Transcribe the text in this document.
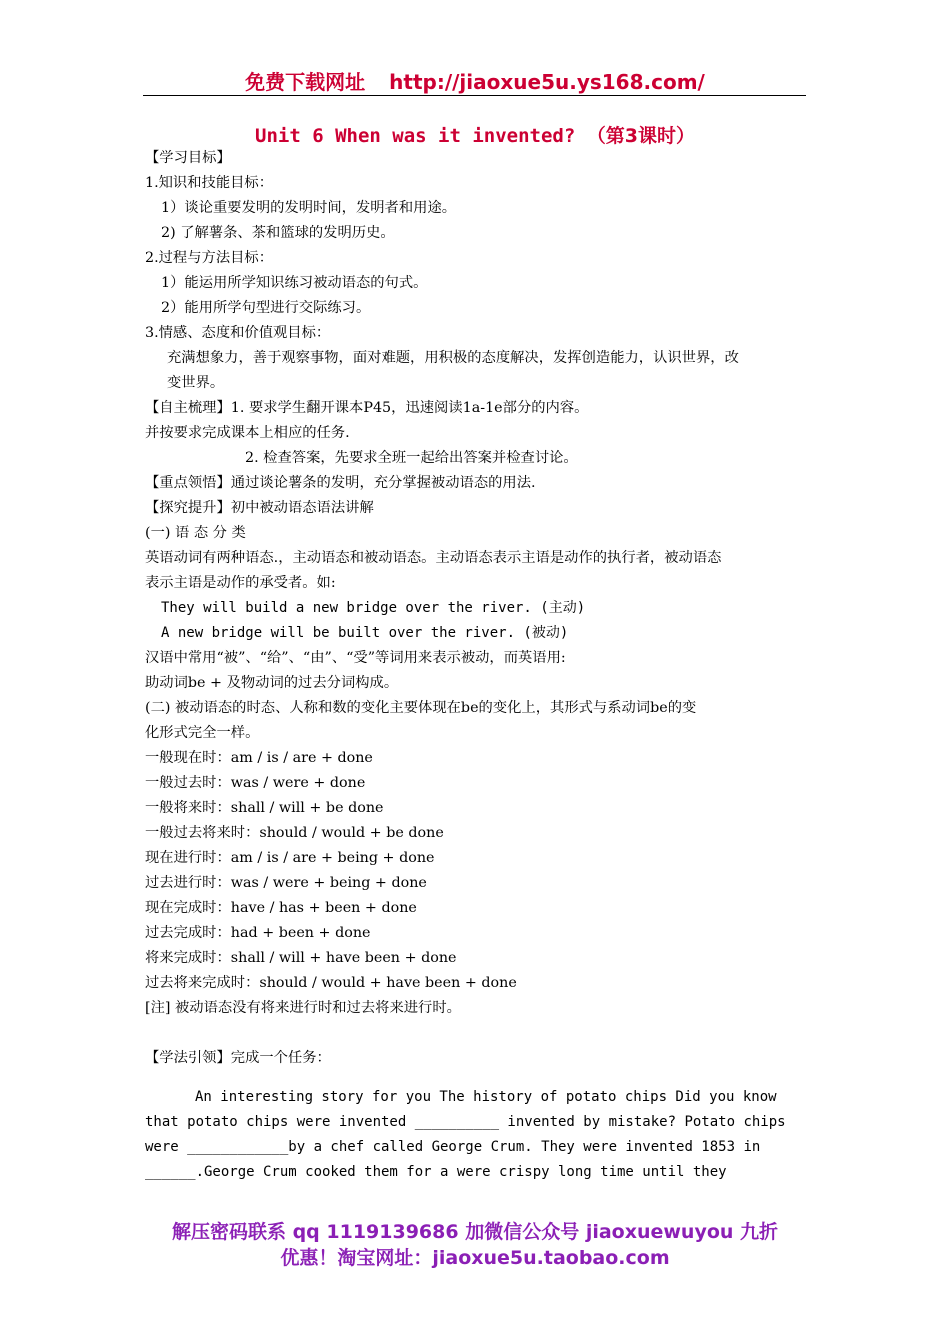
免费下载网址 http://jiaoxue5u.ys168.com/
Unit 6 When was it invented? （第3课时）
【学习目标】
1.知识和技能目标：
1）谈论重要发明的发明时间，发明者和用途。
2) 了解薯条、茶和篮球的发明历史。
2.过程与方法目标：
1）能运用所学知识练习被动语态的句式。
2）能用所学句型进行交际练习。
3.情感、态度和价值观目标：
充满想象力，善于观察事物，面对难题，用积极的态度解决，发挥创造能力，认识世界，改
变世界。
【自主梳理】1. 要求学生翻开课本P45，迅速阅读1a-1e部分的内容。
并按要求完成课本上相应的任务.
2. 检查答案，先要求全班一起给出答案并检查讨论。
【重点领悟】通过谈论薯条的发明，充分掌握被动语态的用法.
【探究提升】初中被动语态语法讲解
(一) 语 态 分 类
英语动词有两种语态.，主动语态和被动语态。主动语态表示主语是动作的执行者，被动语态
表示主语是动作的承受者。如:
They will build a new bridge over the river. (主动)
A new bridge will be built over the river. (被动)
汉语中常用“被”、“给”、“由”、“受”等词用来表示被动，而英语用:
助动词be + 及物动词的过去分词构成。
(二) 被动语态的时态、人称和数的变化主要体现在be的变化上，其形式与系动词be的变
化形式完全一样。
一般现在时：am / is / are + done
一般过去时：was / were + done
一般将来时：shall / will + be done
一般过去将来时：should / would + be done
现在进行时：am / is / are + being + done
过去进行时：was / were + being + done
现在完成时：have / has + been + done
过去完成时：had + been + done
将来完成时：shall / will + have been + done
过去将来完成时：should / would + have been + done
[注] 被动语态没有将来进行时和过去将来进行时。
【学法引领】完成一个任务：
An interesting story for you The history of potato chips Did you know
that potato chips were invented __________ invented by mistake? Potato chips
were ____________by a chef called George Crum. They were invented 1853 in
______.George Crum cooked them for a were crispy long time until they
解压密码联系 qq 1119139686 加微信公众号 jiaoxuewuyou 九折
优惠！淘宝网址：jiaoxue5u.taobao.com
